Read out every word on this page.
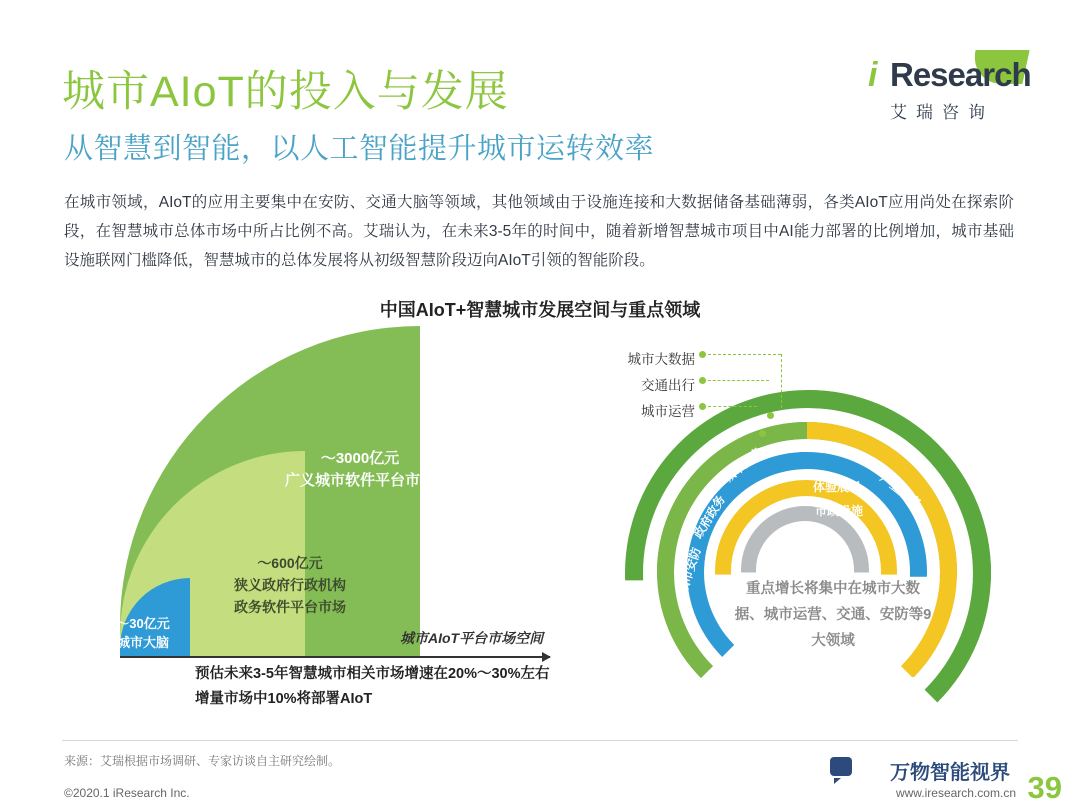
城市AIoT的投入与发展
从智慧到智能，以人工智能提升城市运转效率
i Research
艾瑞咨询
在城市领域，AIoT的应用主要集中在安防、交通大脑等领域，其他领域由于设施连接和大数据储备基础薄弱，各类AIoT应用尚处在探索阶段，在智慧城市总体市场中所占比例不高。艾瑞认为，在未来3-5年的时间中，随着新增智慧城市项目中AI能力部署的比例增加，城市基础设施联网门槛降低，智慧城市的总体发展将从初级智慧阶段迈向AIoT引领的智能阶段。
中国AIoT+智慧城市发展空间与重点领域
～3000亿元
广义城市软件平台市场
～600亿元
狭义政府行政机构
政务软件平台市场
～30亿元
城市大脑	城市AIoT平台市场空间
预估未来3-5年智慧城市相关市场增速在20%～30%左右
增量市场中10%将部署AIoT
城市安防
政府政务
城市应急
体验展示
市政设施 产业服务
重点增长将集中在城市大数据、城市运营、交通、安防等9大领域
城市大数据
交通出行
城市运营
来源：艾瑞根据市场调研、专家访谈自主研究绘制。
万物智能视界
©2020.1 iResearch Inc.	www.iresearch.com.cn 39
